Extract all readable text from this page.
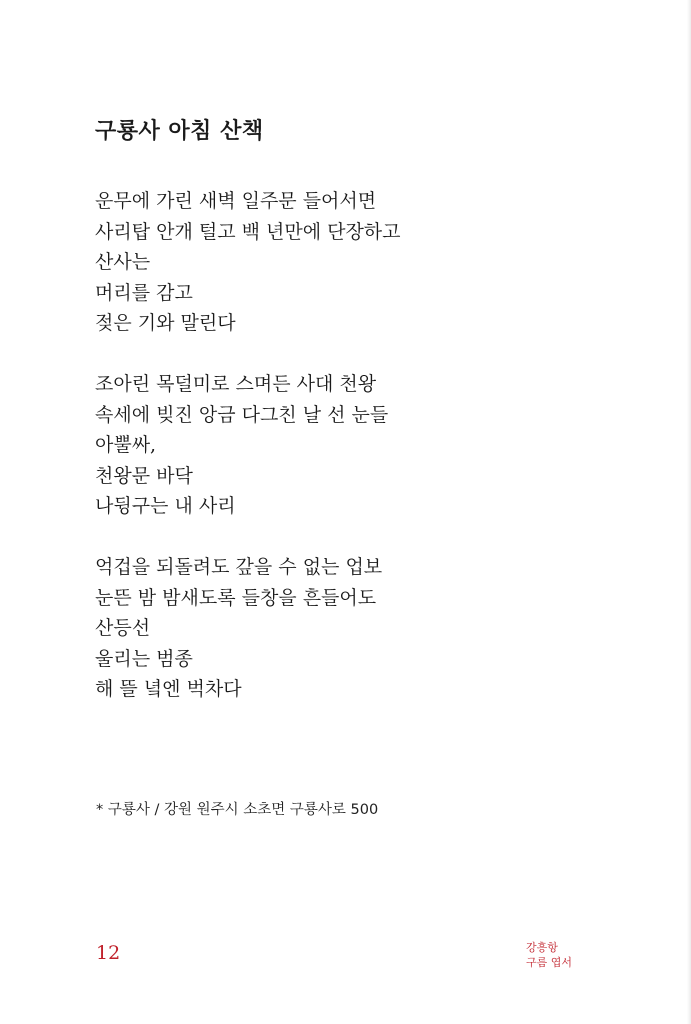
구룡사 아침 산책
운무에 가린 새벽 일주문 들어서면
사리탑 안개 털고 백 년만에 단장하고
산사는
머리를 감고
젖은 기와 말린다
조아린 목덜미로 스며든 사대 천왕
속세에 빚진 앙금 다그친 날 선 눈들
아뿔싸,
천왕문 바닥
나뒹구는 내 사리
억겁을 되돌려도 갚을 수 없는 업보
눈뜬 밤 밤새도록 들창을 흔들어도
산등선
울리는 범종
해 뜰 녘엔 벅차다
* 구룡사 / 강원 원주시 소초면 구룡사로 500
12	강흥항
구름 엽서
